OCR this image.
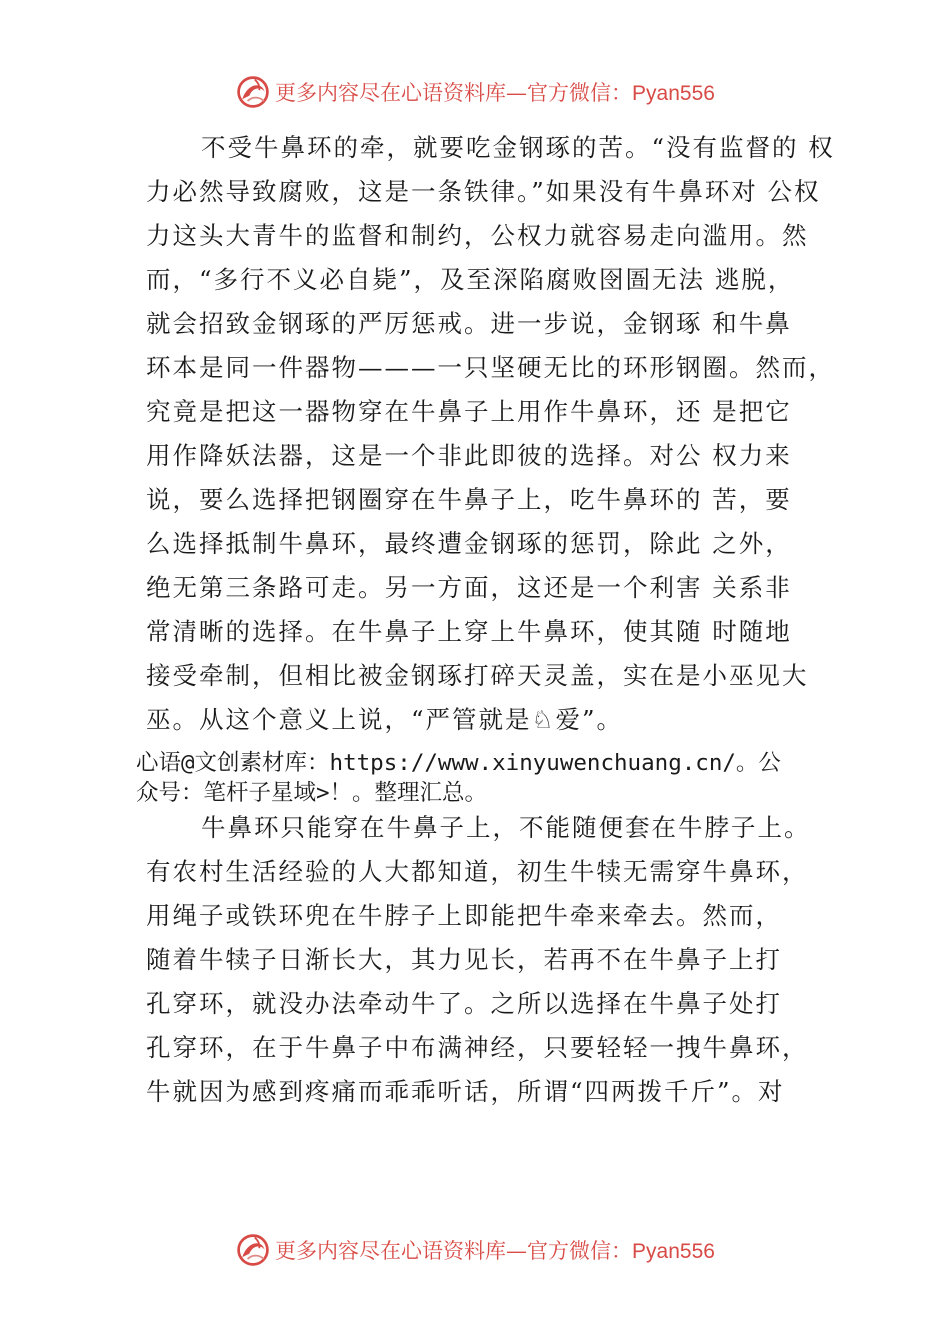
更多内容尽在心语资料库—官方微信：Pyan556
不受牛鼻环的牵，就要吃金钢琢的苦。“没有监督的 权
力必然导致腐败，这是一条铁律。”如果没有牛鼻环对 公权
力这头大青牛的监督和制约，公权力就容易走向滥用。然
而，“多行不义必自毙”，及至深陷腐败囹圄无法 逃脱，
就会招致金钢琢的严厉惩戒。进一步说，金钢琢 和牛鼻
环本是同一件器物———一只坚硬无比的环形钢圈。然而，
究竟是把这一器物穿在牛鼻子上用作牛鼻环，还 是把它
用作降妖法器，这是一个非此即彼的选择。对公 权力来
说，要么选择把钢圈穿在牛鼻子上，吃牛鼻环的 苦，要
么选择抵制牛鼻环，最终遭金钢琢的惩罚，除此 之外，
绝无第三条路可走。另一方面，这还是一个利害 关系非
常清晰的选择。在牛鼻子上穿上牛鼻环，使其随 时随地
接受牵制，但相比被金钢琢打碎天灵盖，实在是小巫见大
巫。从这个意义上说，“严管就是♘爱”。
心语@文创素材库：https://www.xinyuwenchuang.cn/。公
众号：笔杆子星域>！。整理汇总。
牛鼻环只能穿在牛鼻子上，不能随便套在牛脖子上。
有农村生活经验的人大都知道，初生牛犊无需穿牛鼻环，
用绳子或铁环兜在牛脖子上即能把牛牵来牵去。然而，
随着牛犊子日渐长大，其力见长，若再不在牛鼻子上打
孔穿环，就没办法牵动牛了。之所以选择在牛鼻子处打
孔穿环，在于牛鼻子中布满神经，只要轻轻一拽牛鼻环，
牛就因为感到疼痛而乖乖听话，所谓“四两拨千斤”。对
更多内容尽在心语资料库—官方微信：Pyan556
